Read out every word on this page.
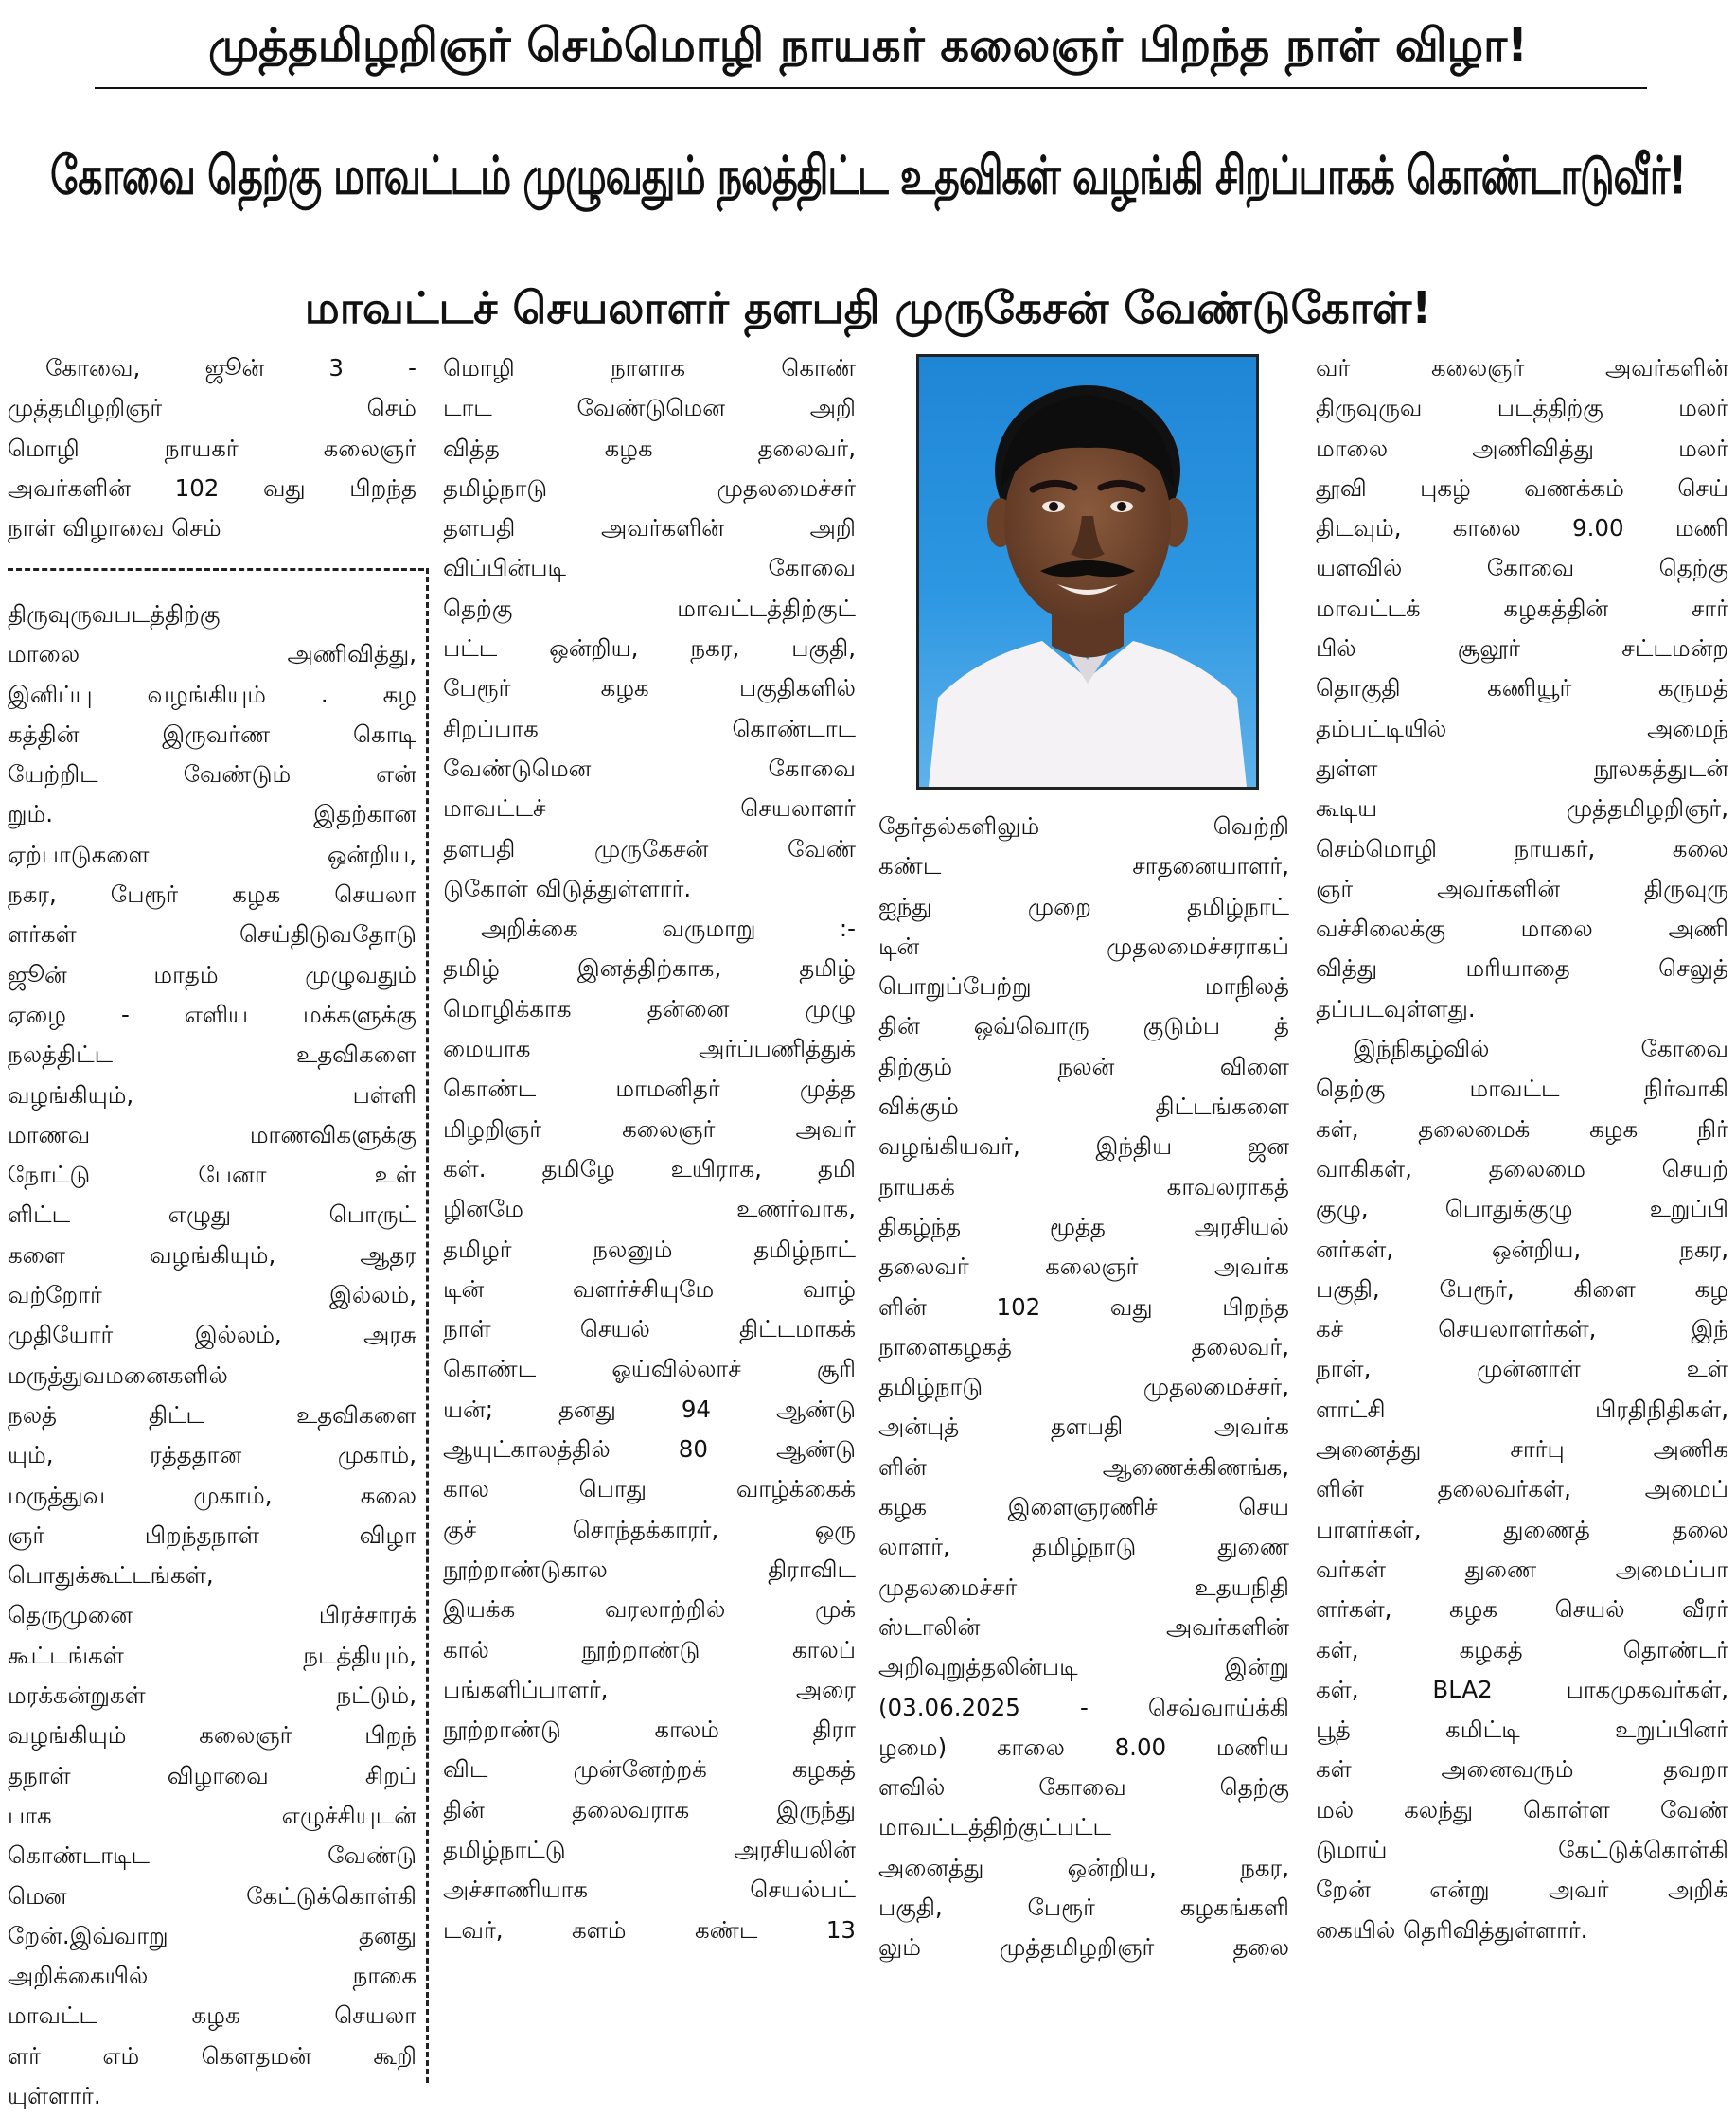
முத்தமிழறிஞர் செம்மொழி நாயகர் கலைஞர் பிறந்த நாள் விழா!
கோவை தெற்கு மாவட்டம் முழுவதும் நலத்திட்ட உதவிகள் வழங்கி சிறப்பாகக் கொண்டாடுவீர்!
மாவட்டச் செயலாளர் தளபதி முருகேசன் வேண்டுகோள்!
கோவை, ஜூன் 3 -
முத்தமிழறிஞர் செம்
மொழி நாயகர் கலைஞர்
அவர்களின் 102 வது பிறந்த
நாள் விழாவை செம்
திருவுருவபடத்திற்கு
மாலை அணிவித்து,
இனிப்பு வழங்கியும் . கழ
கத்தின் இருவர்ண கொடி
யேற்றிட வேண்டும் என்
றும். இதற்கான
ஏற்பாடுகளை ஒன்றிய,
நகர, பேரூர் கழக செயலா
ளர்கள் செய்திடுவதோடு
ஜூன் மாதம் முழுவதும்
ஏழை - எளிய மக்களுக்கு
நலத்திட்ட உதவிகளை
வழங்கியும், பள்ளி
மாணவ மாணவிகளுக்கு
நோட்டு பேனா உள்
ளிட்ட எழுது பொருட்
களை வழங்கியும், ஆதர
வற்றோர் இல்லம்,
முதியோர் இல்லம், அரசு
மருத்துவமனைகளில்
நலத் திட்ட உதவிகளை
யும், ரத்ததான முகாம்,
மருத்துவ முகாம், கலை
ஞர் பிறந்தநாள் விழா
பொதுக்கூட்டங்கள்,
தெருமுனை பிரச்சாரக்
கூட்டங்கள் நடத்தியும்,
மரக்கன்றுகள் நட்டும்,
வழங்கியும் கலைஞர் பிறந்
தநாள் விழாவை சிறப்
பாக எழுச்சியுடன்
கொண்டாடிட வேண்டு
மென கேட்டுக்கொள்கி
றேன்.இவ்வாறு தனது
அறிக்கையில் நாகை
மாவட்ட கழக செயலா
ளர் எம் கௌதமன் கூறி
யுள்ளார்.
மொழி நாளாக கொண்
டாட வேண்டுமென அறி
வித்த கழக தலைவர்,
தமிழ்நாடு முதலமைச்சர்
தளபதி அவர்களின் அறி
விப்பின்படி கோவை
தெற்கு மாவட்டத்திற்குட்
பட்ட ஒன்றிய, நகர, பகுதி,
பேரூர் கழக பகுதிகளில்
சிறப்பாக கொண்டாட
வேண்டுமென கோவை
மாவட்டச் செயலாளர்
தளபதி முருகேசன் வேண்
டுகோள் விடுத்துள்ளார்.
அறிக்கை வருமாறு :-
தமிழ் இனத்திற்காக, தமிழ்
மொழிக்காக தன்னை முழு
மையாக அர்ப்பணித்துக்
கொண்ட மாமனிதர் முத்த
மிழறிஞர் கலைஞர் அவர்
கள். தமிழே உயிராக, தமி
ழினமே உணர்வாக,
தமிழர் நலனும் தமிழ்நாட்
டின் வளர்ச்சியுமே வாழ்
நாள் செயல் திட்டமாகக்
கொண்ட ஓய்வில்லாச் சூரி
யன்; தனது 94 ஆண்டு
ஆயுட்காலத்தில் 80 ஆண்டு
கால பொது வாழ்க்கைக்
குச் சொந்தக்காரர், ஒரு
நூற்றாண்டுகால திராவிட
இயக்க வரலாற்றில் முக்
கால் நூற்றாண்டு காலப்
பங்களிப்பாளர், அரை
நூற்றாண்டு காலம் திரா
விட முன்னேற்றக் கழகத்
தின் தலைவராக இருந்து
தமிழ்நாட்டு அரசியலின்
அச்சாணியாக செயல்பட்
டவர், களம் கண்ட 13
தேர்தல்களிலும் வெற்றி
கண்ட சாதனையாளர்,
ஐந்து முறை தமிழ்நாட்
டின் முதலமைச்சராகப்
பொறுப்பேற்று மாநிலத்
தின் ஒவ்வொரு குடும்ப த்
திற்கும் நலன் விளை
விக்கும் திட்டங்களை
வழங்கியவர், இந்திய ஜன
நாயகக் காவலராகத்
திகழ்ந்த மூத்த அரசியல்
தலைவர் கலைஞர் அவர்க
ளின் 102 வது பிறந்த
நாளைகழகத் தலைவர்,
தமிழ்நாடு முதலமைச்சர்,
அன்புத் தளபதி அவர்க
ளின் ஆணைக்கிணங்க,
கழக இளைஞரணிச் செய
லாளர், தமிழ்நாடு துணை
முதலமைச்சர் உதயநிதி
ஸ்டாலின் அவர்களின்
அறிவுறுத்தலின்படி இன்று
(03.06.2025 - செவ்வாய்க்கி
ழமை) காலை 8.00 மணிய
ளவில் கோவை தெற்கு
மாவட்டத்திற்குட்பட்ட
அனைத்து ஒன்றிய, நகர,
பகுதி, பேரூர் கழகங்களி
லும் முத்தமிழறிஞர் தலை
வர் கலைஞர் அவர்களின்
திருவுருவ படத்திற்கு மலர்
மாலை அணிவித்து மலர்
தூவி புகழ் வணக்கம் செய்
திடவும், காலை 9.00 மணி
யளவில் கோவை தெற்கு
மாவட்டக் கழகத்தின் சார்
பில் சூலூர் சட்டமன்ற
தொகுதி கணியூர் கருமத்
தம்பட்டியில் அமைந்
துள்ள நூலகத்துடன்
கூடிய முத்தமிழறிஞர்,
செம்மொழி நாயகர், கலை
ஞர் அவர்களின் திருவுரு
வச்சிலைக்கு மாலை அணி
வித்து மரியாதை செலுத்
தப்படவுள்ளது.
இந்நிகழ்வில் கோவை
தெற்கு மாவட்ட நிர்வாகி
கள், தலைமைக் கழக நிர்
வாகிகள், தலைமை செயற்
குழு, பொதுக்குழு உறுப்பி
னர்கள், ஒன்றிய, நகர,
பகுதி, பேரூர், கிளை கழ
கச் செயலாளர்கள், இந்
நாள், முன்னாள் உள்
ளாட்சி பிரதிநிதிகள்,
அனைத்து சார்பு அணிக
ளின் தலைவர்கள், அமைப்
பாளர்கள், துணைத் தலை
வர்கள் துணை அமைப்பா
ளர்கள், கழக செயல் வீரர்
கள், கழகத் தொண்டர்
கள், BLA2 பாகமுகவர்கள்,
பூத் கமிட்டி உறுப்பினர்
கள் அனைவரும் தவறா
மல் கலந்து கொள்ள வேண்
டுமாய் கேட்டுக்கொள்கி
றேன் என்று அவர் அறிக்
கையில் தெரிவித்துள்ளார்.
